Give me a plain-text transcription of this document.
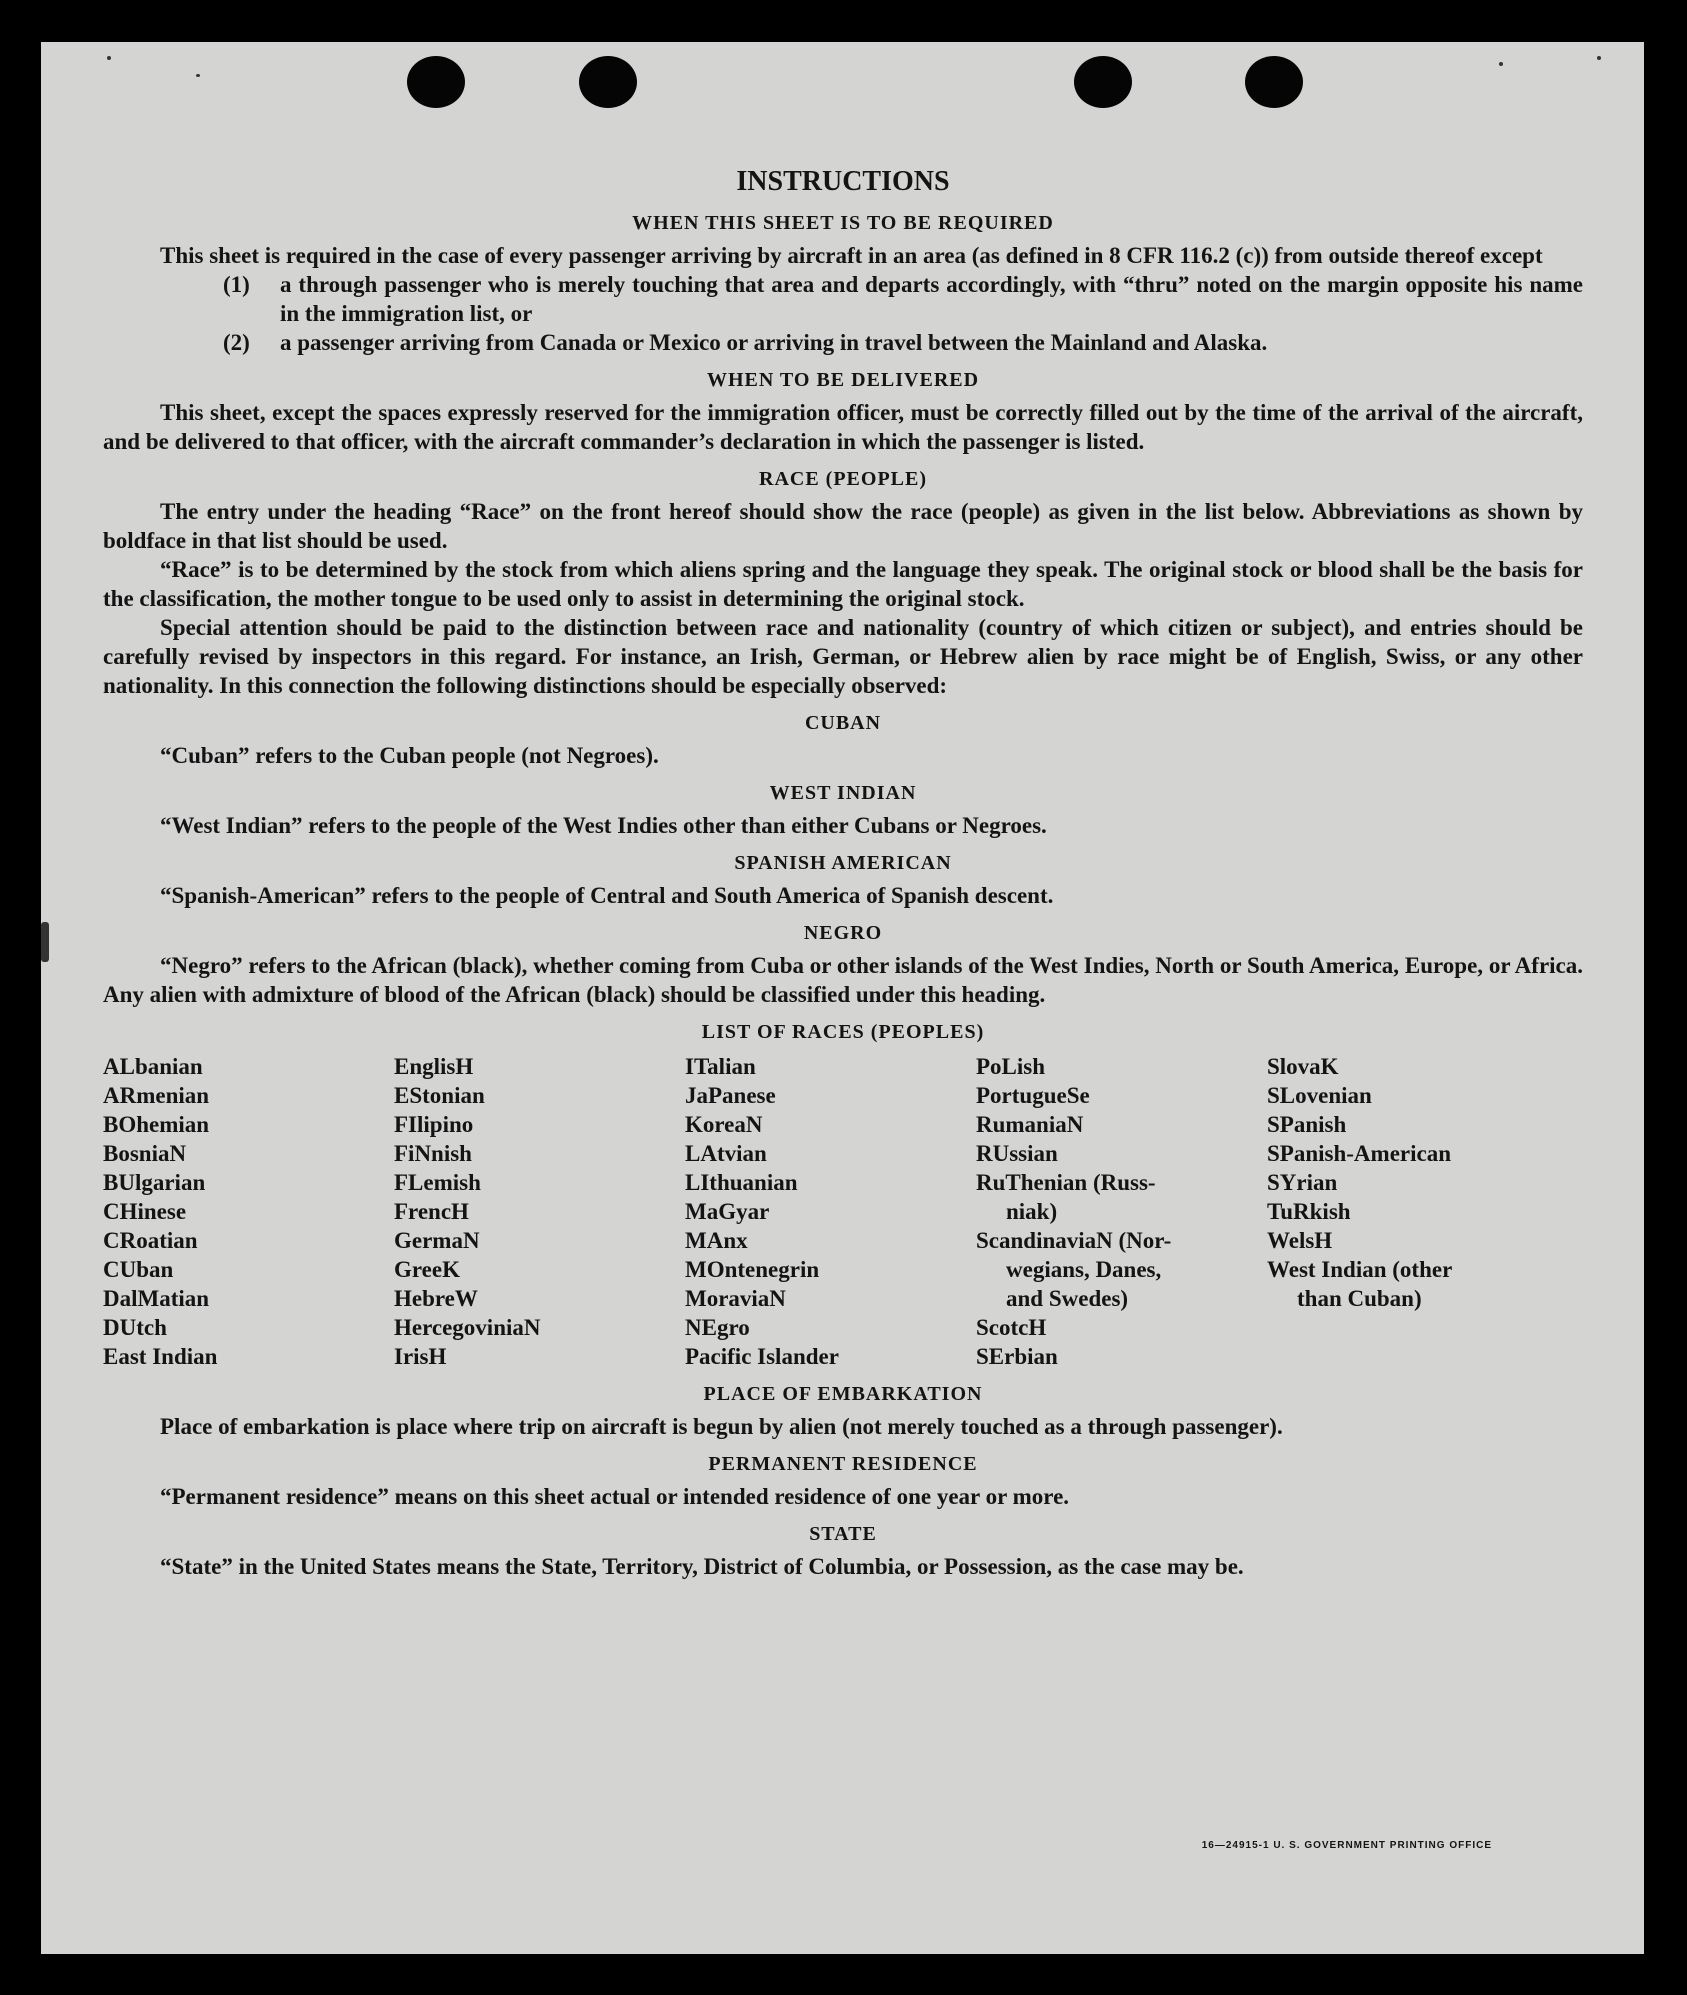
INSTRUCTIONS
WHEN THIS SHEET IS TO BE REQUIRED

This sheet is required in the case of every passenger arriving by aircraft in an area (as defined in 8 CFR 116.2 (c)) from outside thereof except

(1)	a through passenger who is merely touching that area and departs accordingly, with “thru” noted on the margin opposite his name in the immigration list, or
(2)	a passenger arriving from Canada or Mexico or arriving in travel between the Mainland and Alaska.
WHEN TO BE DELIVERED

This sheet, except the spaces expressly reserved for the immigration officer, must be correctly filled out by the time of the arrival of the aircraft, and be delivered to that officer, with the aircraft commander’s declaration in which the passenger is listed.

RACE (PEOPLE)

The entry under the heading “Race” on the front hereof should show the race (people) as given in the list below. Abbreviations as shown by boldface in that list should be used.

“Race” is to be determined by the stock from which aliens spring and the language they speak. The original stock or blood shall be the basis for the classification, the mother tongue to be used only to assist in determining the original stock.

Special attention should be paid to the distinction between race and nationality (country of which citizen or subject), and entries should be carefully revised by inspectors in this regard. For instance, an Irish, German, or Hebrew alien by race might be of English, Swiss, or any other nationality. In this connection the following distinctions should be especially observed:

CUBAN

“Cuban” refers to the Cuban people (not Negroes).

WEST INDIAN

“West Indian” refers to the people of the West Indies other than either Cubans or Negroes.

SPANISH AMERICAN

“Spanish-American” refers to the people of Central and South America of Spanish descent.

NEGRO

“Negro” refers to the African (black), whether coming from Cuba or other islands of the West Indies, North or South America, Europe, or Africa. Any alien with admixture of blood of the African (black) should be classified under this heading.

LIST OF RACES (PEOPLES)

ALbanian

ARmenian

BOhemian

BosniaN

BUlgarian

CHinese

CRoatian

CUban

DalMatian

DUtch

East Indian

EnglisH

EStonian

FIlipino

FiNnish

FLemish

FrencH

GermaN

GreeK

HebreW

HercegoviniaN

IrisH

ITalian

JaPanese

KoreaN

LAtvian

LIthuanian

MaGyar

MAnx

MOntenegrin

MoraviaN

NEgro

Pacific Islander

PoLish

PortugueSe

RumaniaN

RUssian

RuThenian (Russ-

niak)

ScandinaviaN (Nor-

wegians, Danes,

and Swedes)

ScotcH

SErbian

SlovaK

SLovenian

SPanish

SPanish-American

SYrian

TuRkish

WelsH

West Indian (other

than Cuban)

PLACE OF EMBARKATION

Place of embarkation is place where trip on aircraft is begun by alien (not merely touched as a through passenger).

PERMANENT RESIDENCE

“Permanent residence” means on this sheet actual or intended residence of one year or more.

STATE

“State” in the United States means the State, Territory, District of Columbia, or Possession, as the case may be.

16—24915-1 U. S. GOVERNMENT PRINTING OFFICE
